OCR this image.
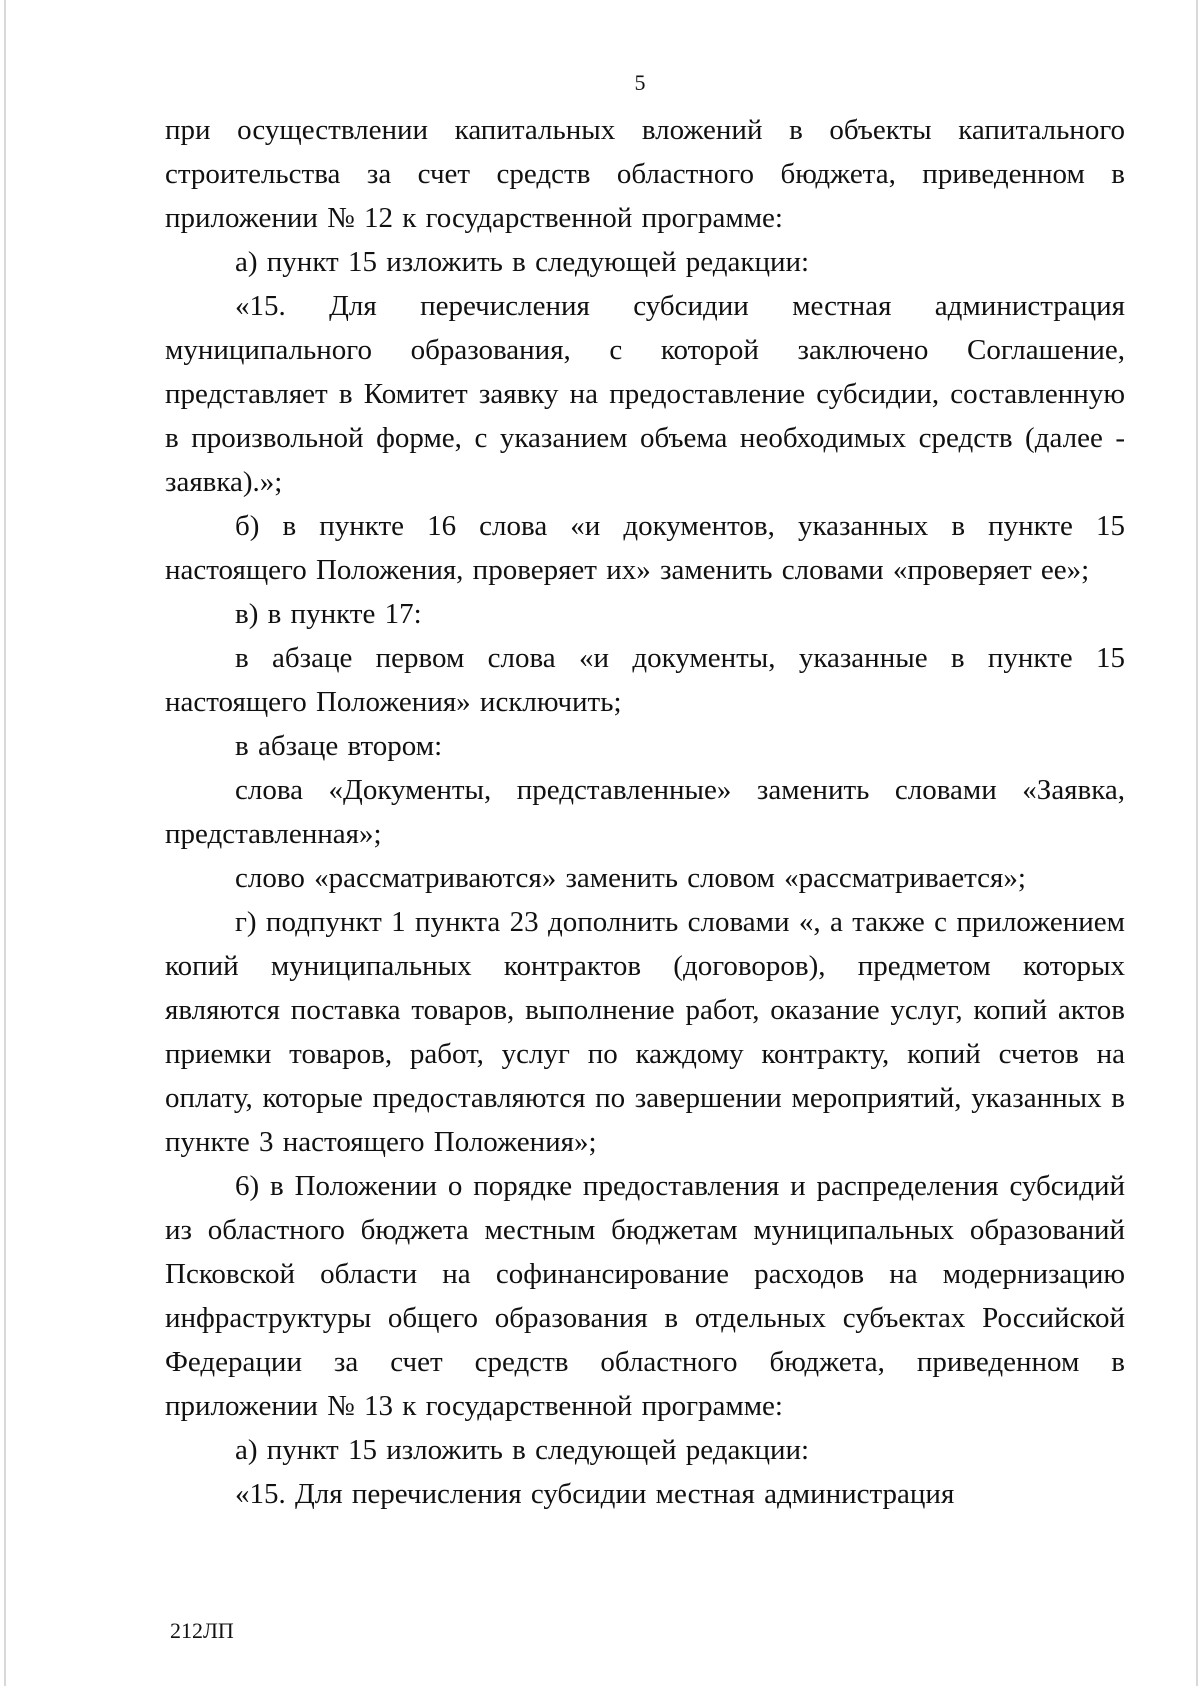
5

при осуществлении капитальных вложений в объекты капитального строительства за счет средств областного бюджета, приведенном в приложении № 12 к государственной программе:

а) пункт 15 изложить в следующей редакции:

«15. Для перечисления субсидии местная администрация муниципального образования, с которой заключено Соглашение, представляет в Комитет заявку на предоставление субсидии, составленную в произвольной форме, с указанием объема необходимых средств (далее - заявка).»;

б) в пункте 16 слова «и документов, указанных в пункте 15 настоящего Положения, проверяет их» заменить словами «проверяет ее»;

в) в пункте 17:

в абзаце первом слова «и документы, указанные в пункте 15 настоящего Положения» исключить;

в абзаце втором:

слова «Документы, представленные» заменить словами «Заявка, представленная»;

слово «рассматриваются» заменить словом «рассматривается»;

г) подпункт 1 пункта 23 дополнить словами «, а также с приложением копий муниципальных контрактов (договоров), предметом которых являются поставка товаров, выполнение работ, оказание услуг, копий актов приемки товаров, работ, услуг по каждому контракту, копий счетов на оплату, которые предоставляются по завершении мероприятий, указанных в пункте 3 настоящего Положения»;

6) в Положении о порядке предоставления и распределения субсидий из областного бюджета местным бюджетам муниципальных образований Псковской области на софинансирование расходов на модернизацию инфраструктуры общего образования в отдельных субъектах Российской Федерации за счет средств областного бюджета, приведенном в приложении № 13 к государственной программе:

а) пункт 15 изложить в следующей редакции:

«15. Для перечисления субсидии местная администрация

212ЛП
